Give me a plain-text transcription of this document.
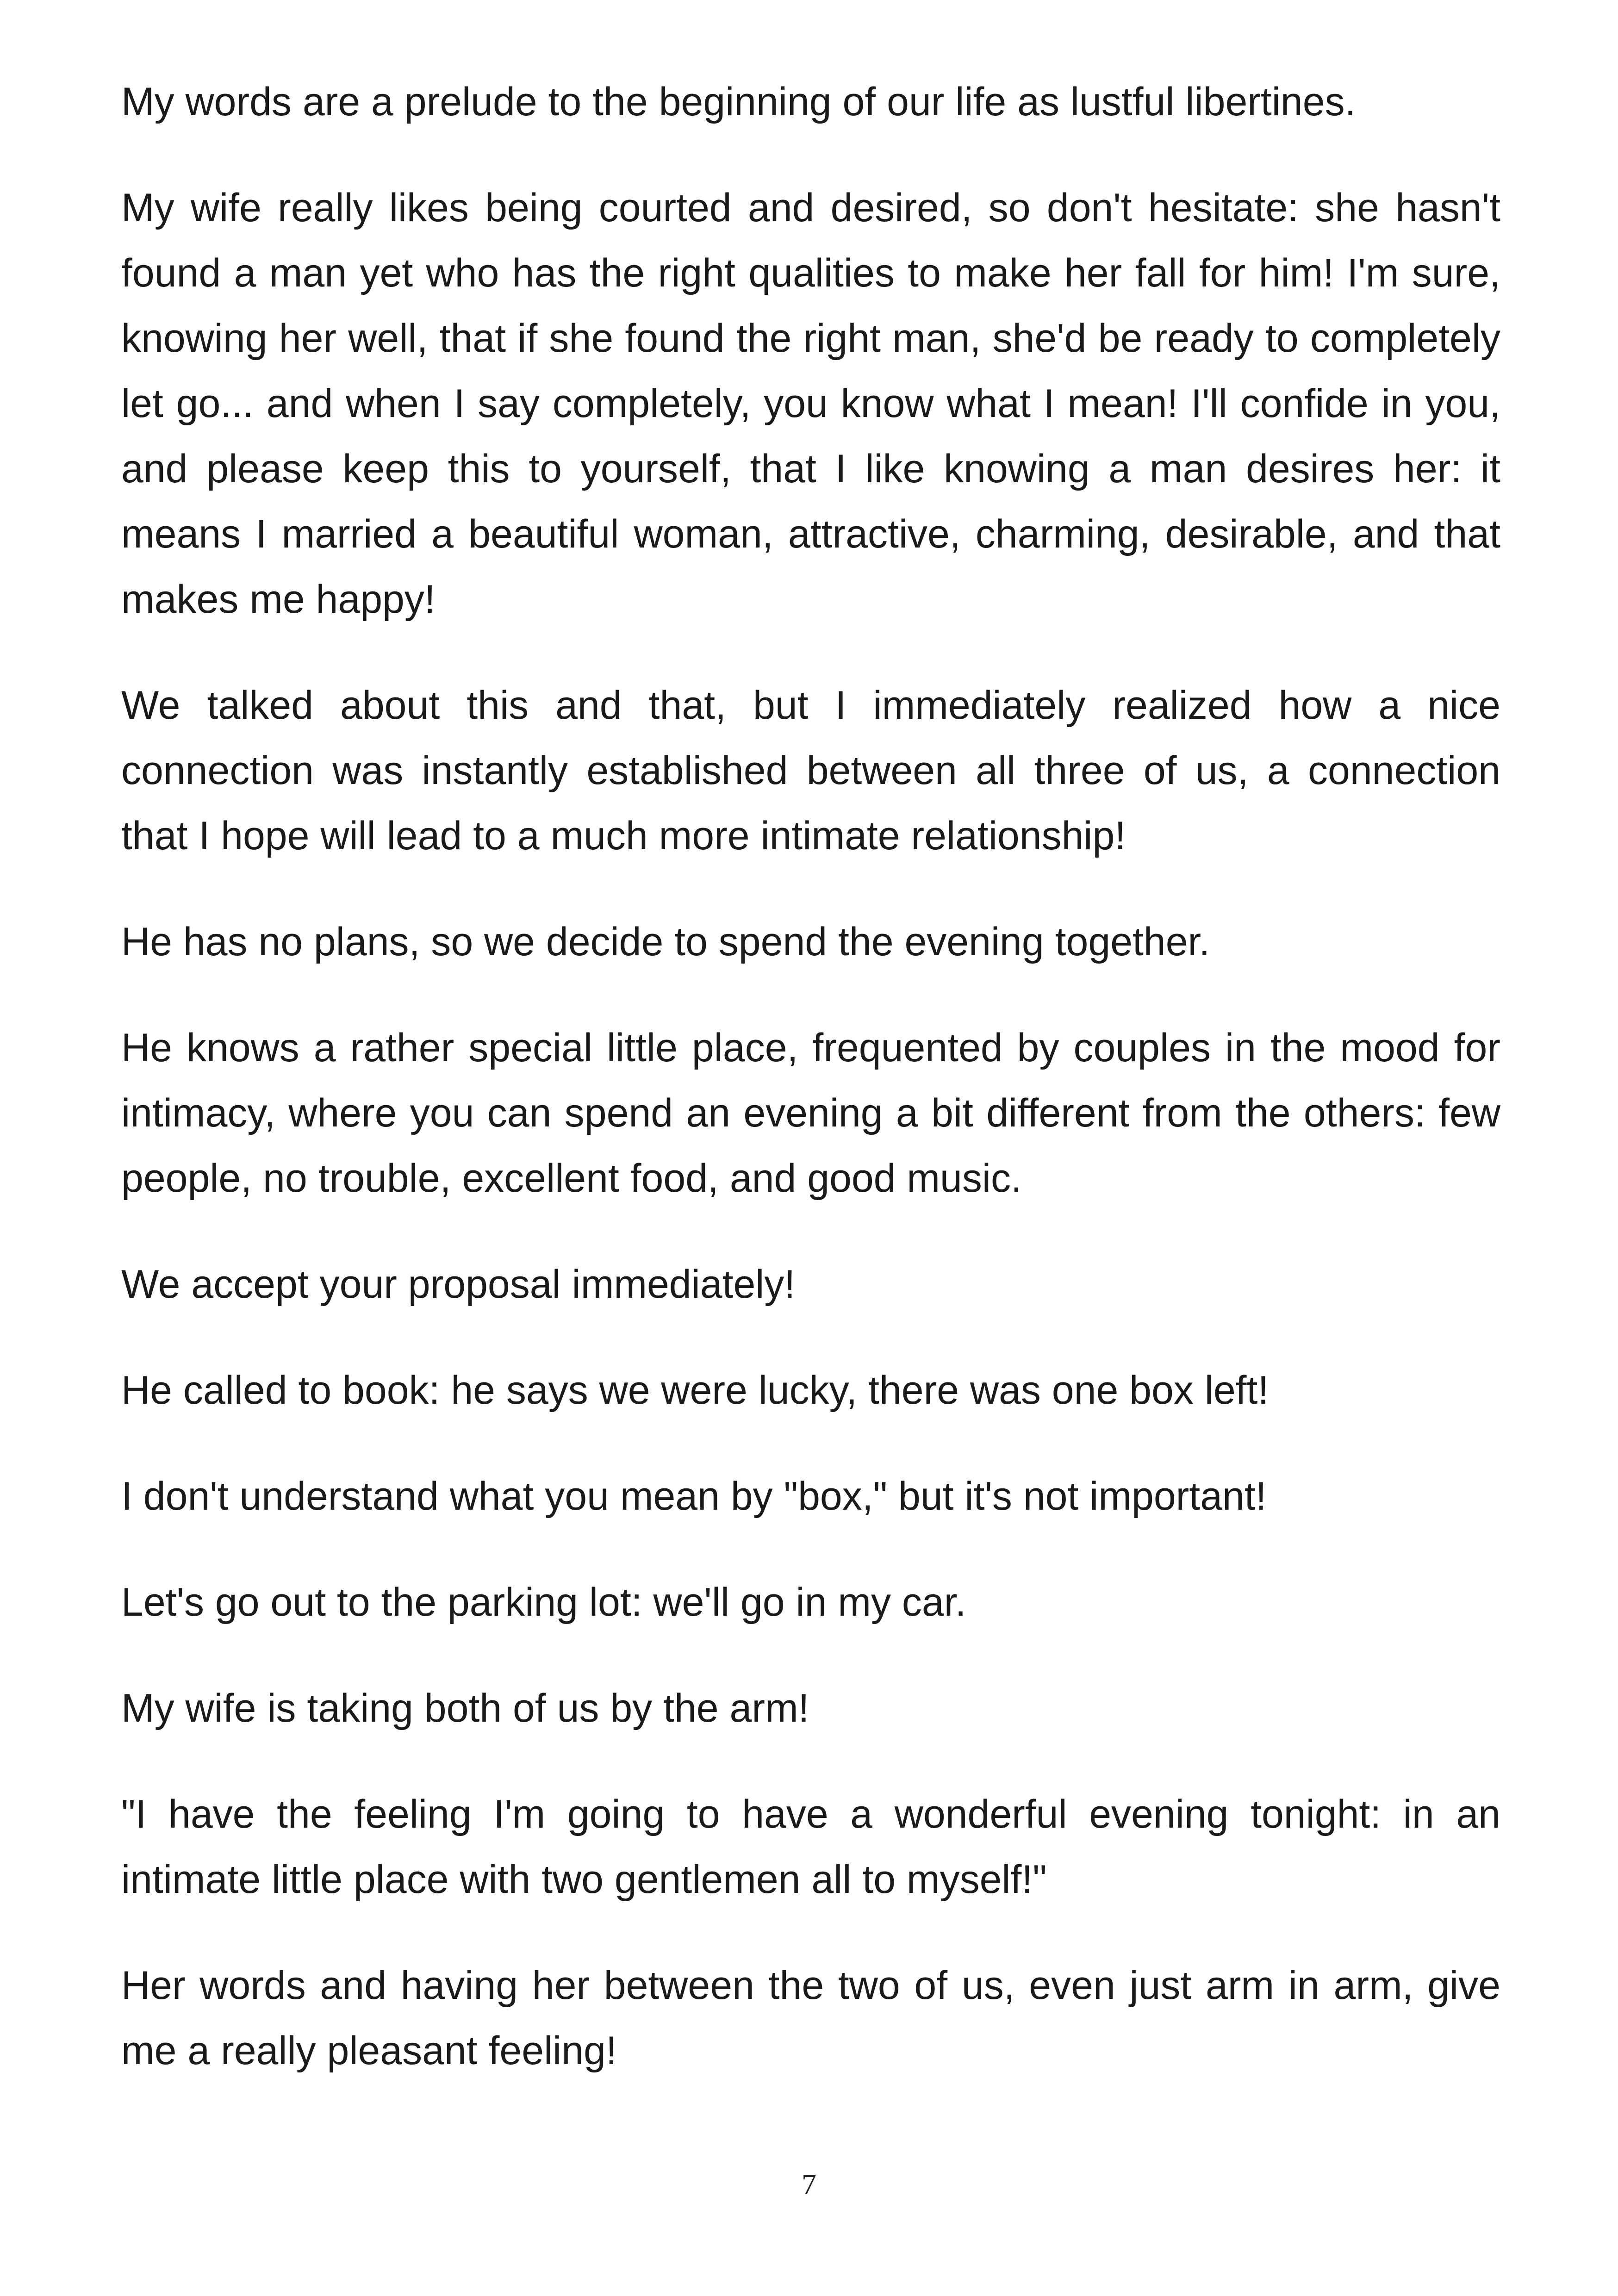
My words are a prelude to the beginning of our life as lustful libertines.

My wife really likes being courted and desired, so don't hesitate: she hasn't found a man yet who has the right qualities to make her fall for him! I'm sure, knowing her well, that if she found the right man, she'd be ready to completely let go... and when I say completely, you know what I mean! I'll confide in you, and please keep this to yourself, that I like knowing a man desires her: it means I married a beautiful woman, attractive, charming, desirable, and that makes me happy!

We talked about this and that, but I immediately realized how a nice connection was instantly established between all three of us, a connection that I hope will lead to a much more intimate relationship!

He has no plans, so we decide to spend the evening together.

He knows a rather special little place, frequented by couples in the mood for intimacy, where you can spend an evening a bit different from the others: few people, no trouble, excellent food, and good music.

We accept your proposal immediately!

He called to book: he says we were lucky, there was one box left!

I don't understand what you mean by "box," but it's not important!

Let's go out to the parking lot: we'll go in my car.

My wife is taking both of us by the arm!

"I have the feeling I'm going to have a wonderful evening tonight: in an intimate little place with two gentlemen all to myself!"

Her words and having her between the two of us, even just arm in arm, give me a really pleasant feeling!

7
